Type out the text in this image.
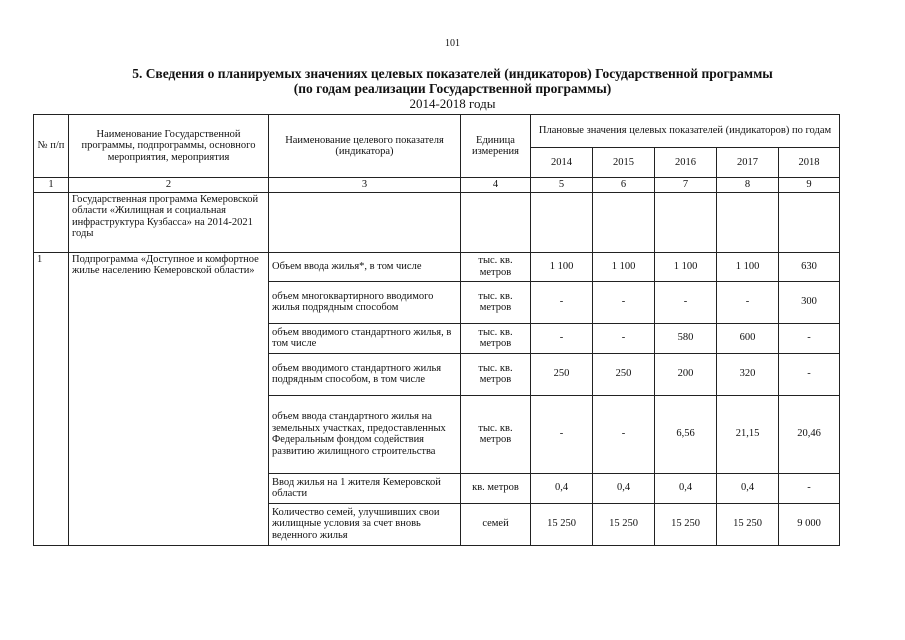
101
5. Сведения о планируемых значениях целевых показателей (индикаторов) Государственной программы
(по годам реализации Государственной программы)
2014-2018 годы
№ п/п	Наименование Государственной программы, подпрограммы, основного мероприятия, мероприятия	Наименование целевого показателя (индикатора)	Единица измерения	Плановые значения целевых показателей (индикаторов) по годам				
				2014	2015	2016	2017	2018
1	2	3	4	5	6	7	8	9
	Государственная программа Кемеровской области «Жилищная и социальная инфраструктура Кузбасса» на 2014-2021 годы							
1	Подпрограмма «Доступное и комфортное жилье населению Кемеровской области»	Объем ввода жилья*, в том числе	тыс. кв. метров	1 100	1 100	1 100	1 100	630
		объем многоквартирного вводимого жилья подрядным способом	тыс. кв. метров	-	-	-	-	300
		объем вводимого стандартного жилья, в том числе	тыс. кв. метров	-	-	580	600	-
		объем вводимого стандартного жилья подрядным способом, в том числе	тыс. кв. метров	250	250	200	320	-
		объем ввода стандартного жилья на земельных участках, предоставленных Федеральным фондом содействия развитию жилищного строительства	тыс. кв. метров	-	-	6,56	21,15	20,46
		Ввод жилья на 1 жителя Кемеровской области	кв. метров	0,4	0,4	0,4	0,4	-
		Количество семей, улучшивших свои жилищные условия за счет вновь веденного жилья	семей	15 250	15 250	15 250	15 250	9 000
